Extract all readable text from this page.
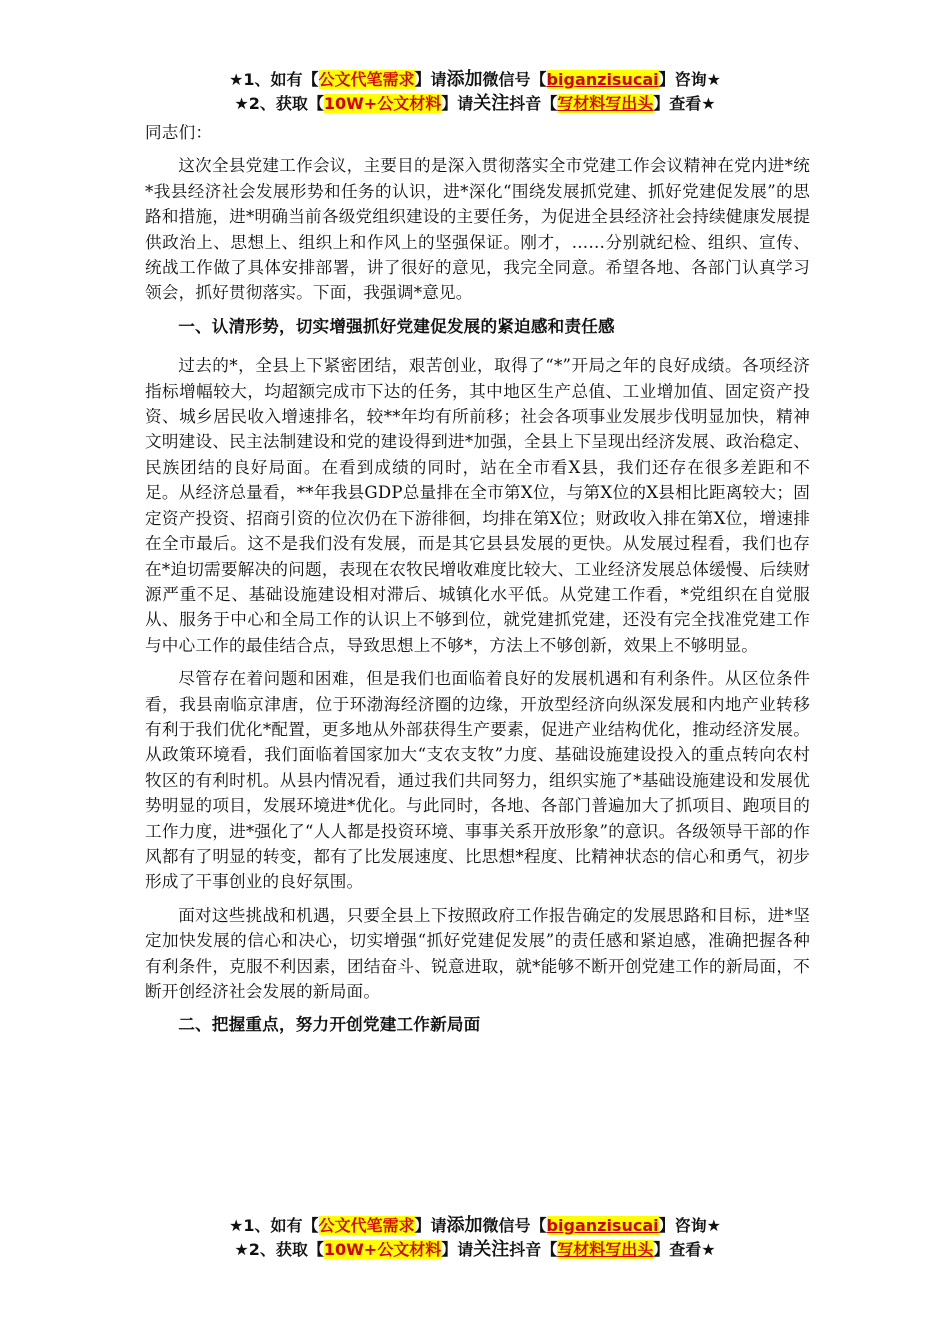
★1、如有【公文代笔需求】请添加微信号【biganzisucai】咨询★
★2、获取【10W+公文材料】请关注抖音【写材料写出头】查看★

同志们：

这次全县党建工作会议，主要目的是深入贯彻落实全市党建工作会议精神在党内进*统*我县经济社会发展形势和任务的认识，进*深化“围绕发展抓党建、抓好党建促发展”的思路和措施，进*明确当前各级党组织建设的主要任务，为促进全县经济社会持续健康发展提供政治上、思想上、组织上和作风上的坚强保证。刚才，……分别就纪检、组织、宣传、统战工作做了具体安排部署，讲了很好的意见，我完全同意。希望各地、各部门认真学习领会，抓好贯彻落实。下面，我强调*意见。

一、认清形势，切实增强抓好党建促发展的紧迫感和责任感

过去的*，全县上下紧密团结，艰苦创业，取得了“*”开局之年的良好成绩。各项经济指标增幅较大，均超额完成市下达的任务，其中地区生产总值、工业增加值、固定资产投资、城乡居民收入增速排名，较**年均有所前移；社会各项事业发展步伐明显加快，精神文明建设、民主法制建设和党的建设得到进*加强，全县上下呈现出经济发展、政治稳定、民族团结的良好局面。在看到成绩的同时，站在全市看X县，我们还存在很多差距和不足。从经济总量看，**年我县GDP总量排在全市第X位，与第X位的X县相比距离较大；固定资产投资、招商引资的位次仍在下游徘徊，均排在第X位；财政收入排在第X位，增速排在全市最后。这不是我们没有发展，而是其它县县发展的更快。从发展过程看，我们也存在*迫切需要解决的问题，表现在农牧民增收难度比较大、工业经济发展总体缓慢、后续财源严重不足、基础设施建设相对滞后、城镇化水平低。从党建工作看，*党组织在自觉服从、服务于中心和全局工作的认识上不够到位，就党建抓党建，还没有完全找准党建工作与中心工作的最佳结合点，导致思想上不够*，方法上不够创新，效果上不够明显。

尽管存在着问题和困难，但是我们也面临着良好的发展机遇和有利条件。从区位条件看，我县南临京津唐，位于环渤海经济圈的边缘，开放型经济向纵深发展和内地产业转移有利于我们优化*配置，更多地从外部获得生产要素，促进产业结构优化，推动经济发展。从政策环境看，我们面临着国家加大“支农支牧”力度、基础设施建设投入的重点转向农村牧区的有利时机。从县内情况看，通过我们共同努力，组织实施了*基础设施建设和发展优势明显的项目，发展环境进*优化。与此同时，各地、各部门普遍加大了抓项目、跑项目的工作力度，进*强化了“人人都是投资环境、事事关系开放形象”的意识。各级领导干部的作风都有了明显的转变，都有了比发展速度、比思想*程度、比精神状态的信心和勇气，初步形成了干事创业的良好氛围。

面对这些挑战和机遇，只要全县上下按照政府工作报告确定的发展思路和目标，进*坚定加快发展的信心和决心，切实增强“抓好党建促发展”的责任感和紧迫感，准确把握各种有利条件，克服不利因素，团结奋斗、锐意进取，就*能够不断开创党建工作的新局面，不断开创经济社会发展的新局面。

二、把握重点，努力开创党建工作新局面

★1、如有【公文代笔需求】请添加微信号【biganzisucai】咨询★
★2、获取【10W+公文材料】请关注抖音【写材料写出头】查看★
